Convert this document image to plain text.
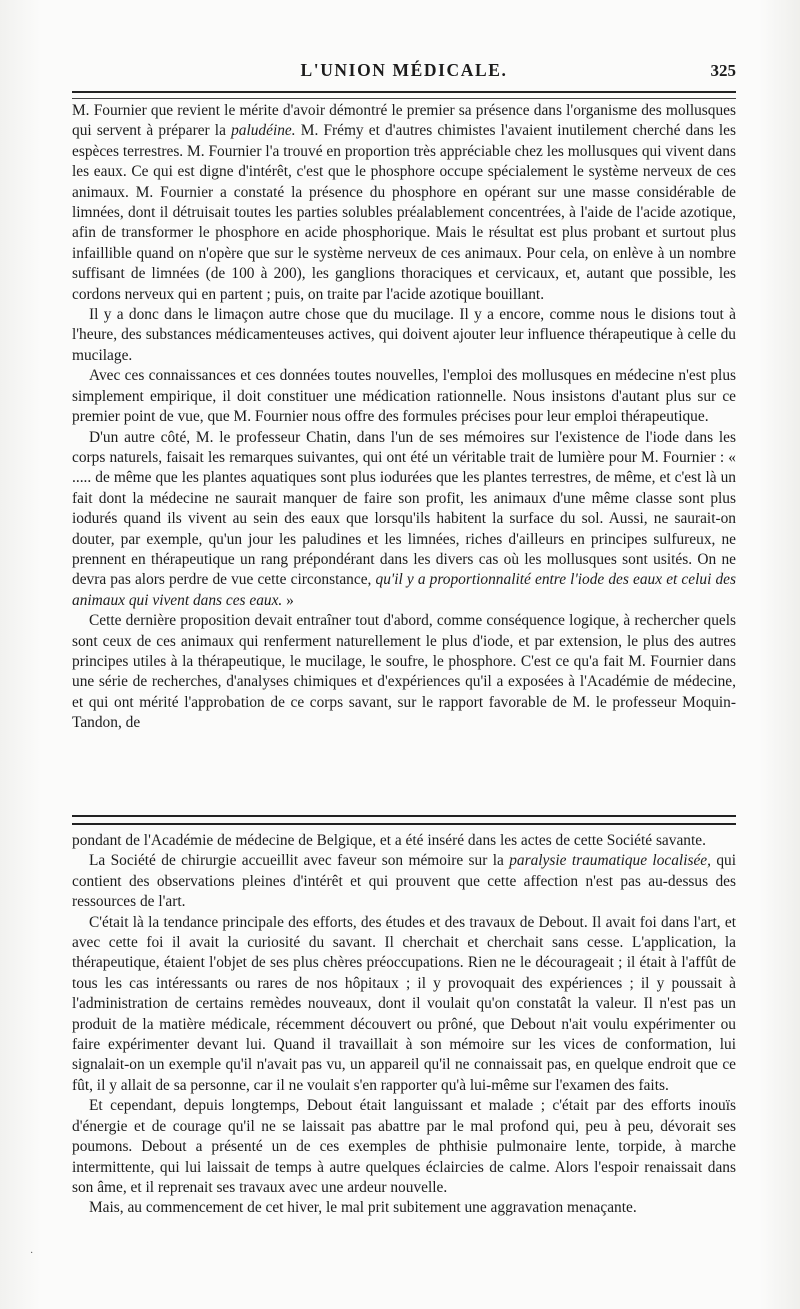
L'UNION MÉDICALE.	325

M. Fournier que revient le mérite d'avoir démontré le premier sa présence dans l'organisme des mollusques qui servent à préparer la paludéine. M. Frémy et d'autres chimistes l'avaient inutilement cherché dans les espèces terrestres. M. Fournier l'a trouvé en proportion très appréciable chez les mollusques qui vivent dans les eaux. Ce qui est digne d'intérêt, c'est que le phosphore occupe spécialement le système nerveux de ces animaux. M. Fournier a constaté la présence du phosphore en opérant sur une masse considérable de limnées, dont il détruisait toutes les parties solubles préalablement concentrées, à l'aide de l'acide azotique, afin de transformer le phosphore en acide phosphorique. Mais le résultat est plus probant et surtout plus infaillible quand on n'opère que sur le système nerveux de ces animaux. Pour cela, on enlève à un nombre suffisant de limnées (de 100 à 200), les ganglions thoraciques et cervicaux, et, autant que possible, les cordons nerveux qui en partent ; puis, on traite par l'acide azotique bouillant.

Il y a donc dans le limaçon autre chose que du mucilage. Il y a encore, comme nous le disions tout à l'heure, des substances médicamenteuses actives, qui doivent ajouter leur influence thérapeutique à celle du mucilage.

Avec ces connaissances et ces données toutes nouvelles, l'emploi des mollusques en médecine n'est plus simplement empirique, il doit constituer une médication rationnelle. Nous insistons d'autant plus sur ce premier point de vue, que M. Fournier nous offre des formules précises pour leur emploi thérapeutique.

D'un autre côté, M. le professeur Chatin, dans l'un de ses mémoires sur l'existence de l'iode dans les corps naturels, faisait les remarques suivantes, qui ont été un véritable trait de lumière pour M. Fournier : « ..... de même que les plantes aquatiques sont plus iodurées que les plantes terrestres, de même, et c'est là un fait dont la médecine ne saurait manquer de faire son profit, les animaux d'une même classe sont plus iodurés quand ils vivent au sein des eaux que lorsqu'ils habitent la surface du sol. Aussi, ne saurait-on douter, par exemple, qu'un jour les paludines et les limnées, riches d'ailleurs en principes sulfureux, ne prennent en thérapeutique un rang prépondérant dans les divers cas où les mollusques sont usités. On ne devra pas alors perdre de vue cette circonstance, qu'il y a proportionnalité entre l'iode des eaux et celui des animaux qui vivent dans ces eaux. »

Cette dernière proposition devait entraîner tout d'abord, comme conséquence logique, à rechercher quels sont ceux de ces animaux qui renferment naturellement le plus d'iode, et par extension, le plus des autres principes utiles à la thérapeutique, le mucilage, le soufre, le phosphore. C'est ce qu'a fait M. Fournier dans une série de recherches, d'analyses chimiques et d'expériences qu'il a exposées à l'Académie de médecine, et qui ont mérité l'approbation de ce corps savant, sur le rapport favorable de M. le professeur Moquin-Tandon, de

pondant de l'Académie de médecine de Belgique, et a été inséré dans les actes de cette Société savante.

La Société de chirurgie accueillit avec faveur son mémoire sur la paralysie traumatique localisée, qui contient des observations pleines d'intérêt et qui prouvent que cette affection n'est pas au-dessus des ressources de l'art.

C'était là la tendance principale des efforts, des études et des travaux de Debout. Il avait foi dans l'art, et avec cette foi il avait la curiosité du savant. Il cherchait et cherchait sans cesse. L'application, la thérapeutique, étaient l'objet de ses plus chères préoccupations. Rien ne le décourageait ; il était à l'affût de tous les cas intéressants ou rares de nos hôpitaux ; il y provoquait des expériences ; il y poussait à l'administration de certains remèdes nouveaux, dont il voulait qu'on constatât la valeur. Il n'est pas un produit de la matière médicale, récemment découvert ou prôné, que Debout n'ait voulu expérimenter ou faire expérimenter devant lui. Quand il travaillait à son mémoire sur les vices de conformation, lui signalait-on un exemple qu'il n'avait pas vu, un appareil qu'il ne connaissait pas, en quelque endroit que ce fût, il y allait de sa personne, car il ne voulait s'en rapporter qu'à lui-même sur l'examen des faits.

Et cependant, depuis longtemps, Debout était languissant et malade ; c'était par des efforts inouïs d'énergie et de courage qu'il ne se laissait pas abattre par le mal profond qui, peu à peu, dévorait ses poumons. Debout a présenté un de ces exemples de phthisie pulmonaire lente, torpide, à marche intermittente, qui lui laissait de temps à autre quelques éclaircies de calme. Alors l'espoir renaissait dans son âme, et il reprenait ses travaux avec une ardeur nouvelle.

Mais, au commencement de cet hiver, le mal prit subitement une aggravation menaçante.

·
